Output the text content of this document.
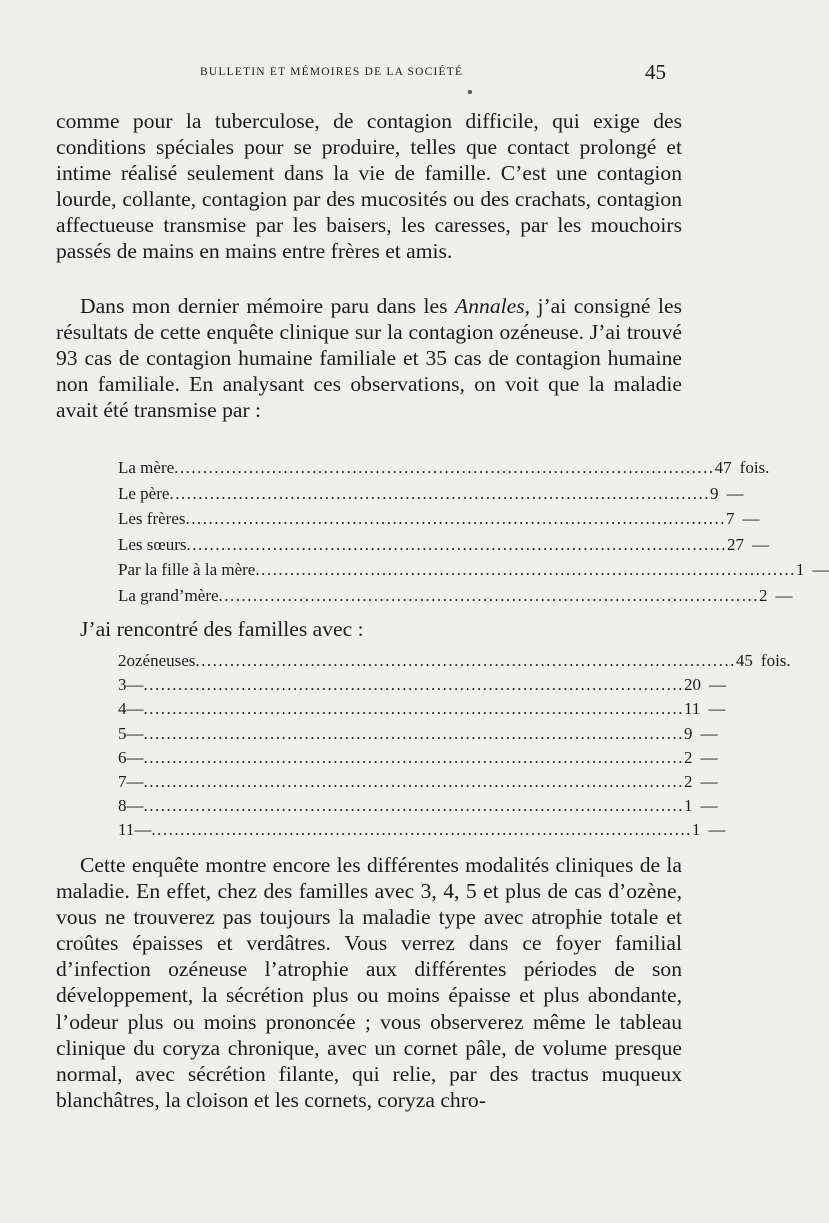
BULLETIN ET MÉMOIRES DE LA SOCIÉTÉ	45

comme pour la tuberculose, de contagion difficile, qui exige des conditions spéciales pour se produire, telles que contact prolongé et intime réalisé seulement dans la vie de famille. C’est une contagion lourde, collante, contagion par des mucosités ou des crachats, contagion affectueuse transmise par les baisers, les caresses, par les mouchoirs passés de mains en mains entre frères et amis.

Dans mon dernier mémoire paru dans les Annales, j’ai consigné les résultats de cette enquête clinique sur la contagion ozéneuse. J’ai trouvé 93 cas de contagion humaine familiale et 35 cas de contagion humaine non familiale. En analysant ces observations, on voit que la maladie avait été transmise par :

La mère .............................................................................................. 47 fois.
Le père .............................................................................................. 9 —
Les frères .............................................................................................. 7 —
Les sœurs .............................................................................................. 27 —
Par la fille à la mère .............................................................................................. 1 —
La grand’mère .............................................................................................. 2 —

J’ai rencontré des familles avec :

2 ozéneuses .............................................................................................. 45 fois.
3 — .............................................................................................. 20 —
4 — .............................................................................................. 11 —
5 — .............................................................................................. 9 —
6 — .............................................................................................. 2 —
7 — .............................................................................................. 2 —
8 — .............................................................................................. 1 —
11 — .............................................................................................. 1 —

Cette enquête montre encore les différentes modalités cliniques de la maladie. En effet, chez des familles avec 3, 4, 5 et plus de cas d’ozène, vous ne trouverez pas toujours la maladie type avec atrophie totale et croûtes épaisses et verdâtres. Vous verrez dans ce foyer familial d’infection ozéneuse l’atrophie aux différentes périodes de son développement, la sécrétion plus ou moins épaisse et plus abondante, l’odeur plus ou moins prononcée ; vous observerez même le tableau clinique du coryza chronique, avec un cornet pâle, de volume presque normal, avec sécrétion filante, qui relie, par des tractus muqueux blanchâtres, la cloison et les cornets, coryza chro-
